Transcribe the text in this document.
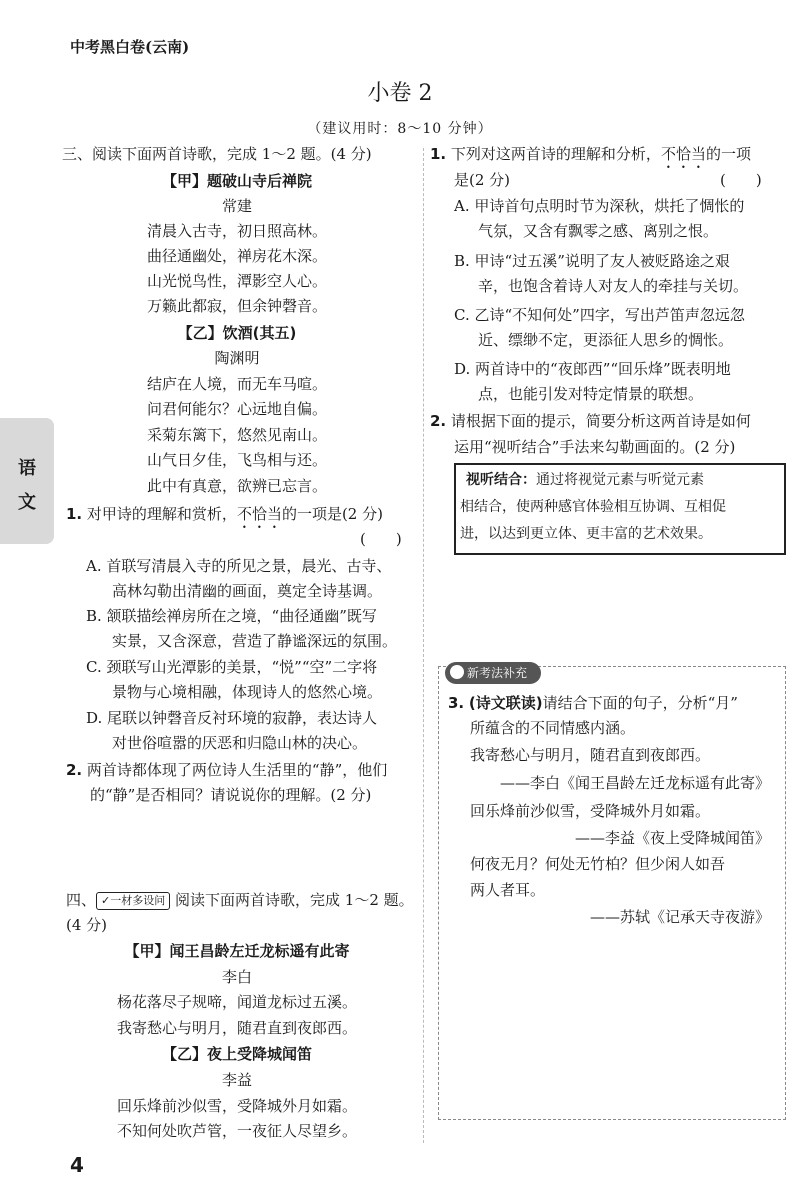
中考黑白卷(云南)
小卷 2
（建议用时：8～10 分钟）
三、阅读下面两首诗歌，完成 1～2 题。(4 分)
【甲】题破山寺后禅院
常建
清晨入古寺，初日照高林。
曲径通幽处，禅房花木深。
山光悦鸟性，潭影空人心。
万籁此都寂，但余钟磬音。
【乙】饮酒(其五)
陶渊明
结庐在人境，而无车马喧。
问君何能尔？心远地自偏。
采菊东篱下，悠然见南山。
山气日夕佳，飞鸟相与还。
此中有真意，欲辨已忘言。
1. 对甲诗的理解和赏析，不恰当的一项是(2 分)
(　　)
A. 首联写清晨入寺的所见之景，晨光、古寺、
高林勾勒出清幽的画面，奠定全诗基调。
B. 颔联描绘禅房所在之境，“曲径通幽”既写
实景，又含深意，营造了静谧深远的氛围。
C. 颈联写山光潭影的美景，“悦”“空”二字将
景物与心境相融，体现诗人的悠然心境。
D. 尾联以钟磬音反衬环境的寂静，表达诗人
对世俗喧嚣的厌恶和归隐山林的决心。
2. 两首诗都体现了两位诗人生活里的“静”，他们
的“静”是否相同？请说说你的理解。(2 分)
四、 ✓一材多设问 阅读下面两首诗歌，完成 1～2 题。
(4 分)
【甲】闻王昌龄左迁龙标遥有此寄
李白
杨花落尽子规啼，闻道龙标过五溪。
我寄愁心与明月，随君直到夜郎西。
【乙】夜上受降城闻笛
李益
回乐烽前沙似雪，受降城外月如霜。
不知何处吹芦管，一夜征人尽望乡。
语
文
1. 下列对这两首诗的理解和分析，不恰当的一项
是(2 分)	(　　)
A. 甲诗首句点明时节为深秋，烘托了惆怅的
气氛，又含有飘零之感、离别之恨。
B. 甲诗“过五溪”说明了友人被贬路途之艰
辛，也饱含着诗人对友人的牵挂与关切。
C. 乙诗“不知何处”四字，写出芦笛声忽远忽
近、缥缈不定，更添征人思乡的惆怅。
D. 两首诗中的“夜郎西”“回乐烽”既表明地
点，也能引发对特定情景的联想。
2. 请根据下面的提示，简要分析这两首诗是如何
运用“视听结合”手法来勾勒画面的。(2 分)
视听结合：通过将视觉元素与听觉元素
相结合，使两种感官体验相互协调、互相促
进，以达到更立体、更丰富的艺术效果。
新考法补充
3. (诗文联读)请结合下面的句子，分析“月”
所蕴含的不同情感内涵。
我寄愁心与明月，随君直到夜郎西。
——李白《闻王昌龄左迁龙标遥有此寄》
回乐烽前沙似雪，受降城外月如霜。
——李益《夜上受降城闻笛》
何夜无月？何处无竹柏？但少闲人如吾
两人者耳。
——苏轼《记承天寺夜游》
4
